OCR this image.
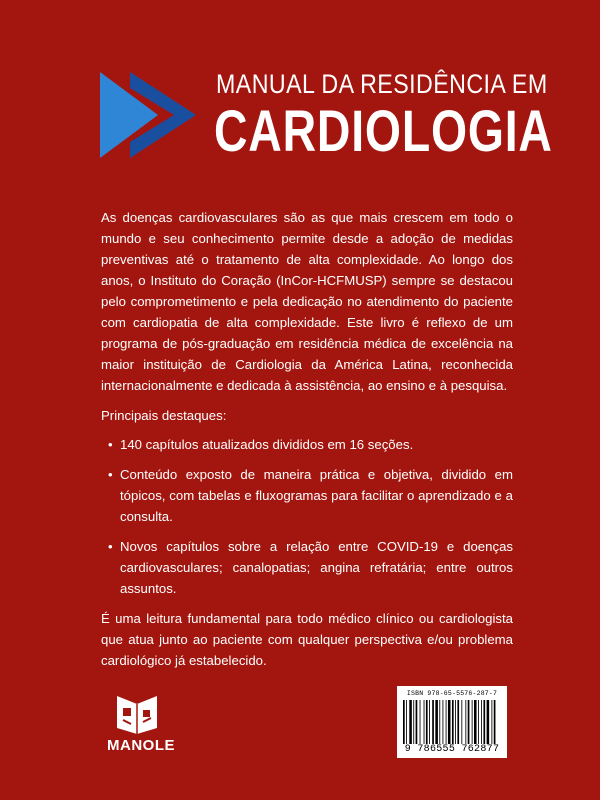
MANUAL DA RESIDÊNCIA EM
CARDIOLOGIA

As doenças cardiovasculares são as que mais crescem em todo o mundo e seu conhecimento permite desde a adoção de medidas preventivas até o tratamento de alta complexidade. Ao longo dos anos, o Instituto do Coração (InCor-HCFMUSP) sempre se destacou pelo comprometimento e pela dedicação no atendimento do paciente com cardiopatia de alta complexidade. Este livro é reflexo de um programa de pós-graduação em residência médica de excelência na maior instituição de Cardiologia da América Latina, reconhecida internacionalmente e dedicada à assistência, ao ensino e à pesquisa.

Principais destaques:

• 140 capítulos atualizados divididos em 16 seções.
• Conteúdo exposto de maneira prática e objetiva, dividido em tópicos, com tabelas e fluxogramas para facilitar o aprendizado e a consulta.
• Novos capítulos sobre a relação entre COVID-19 e doenças cardiovasculares; canalopatias; angina refratária; entre outros assuntos.

É uma leitura fundamental para todo médico clínico ou cardiologista que atua junto ao paciente com qualquer perspectiva e/ou problema cardiológico já estabelecido.

MANOLE
ISBN 978-65-5576-287-7
9 786555 762877
